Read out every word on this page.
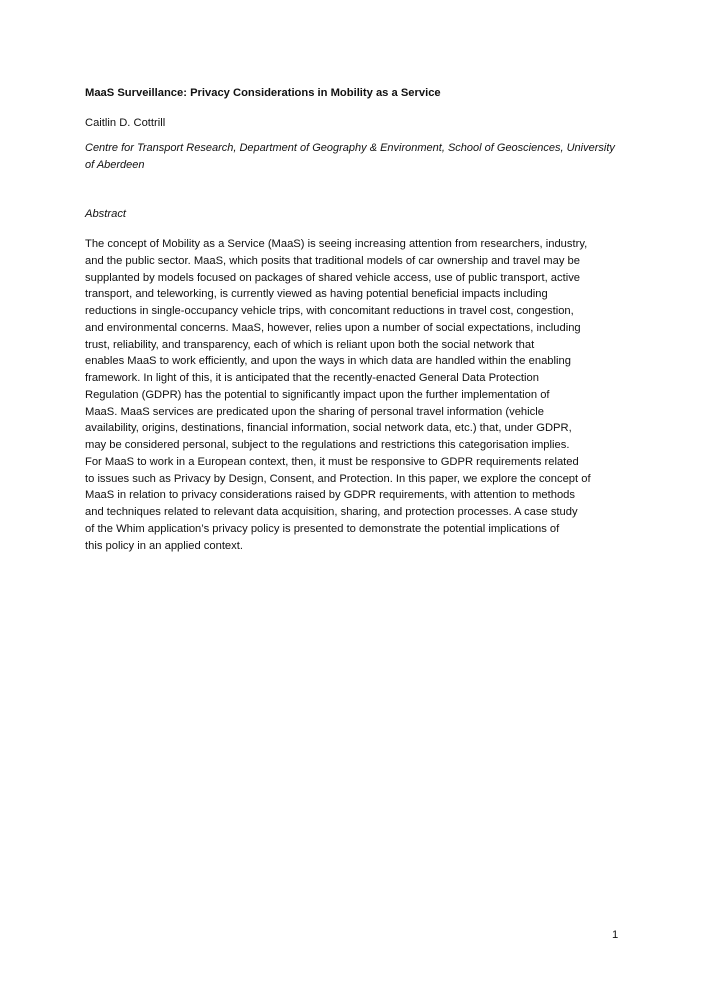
MaaS Surveillance: Privacy Considerations in Mobility as a Service

Caitlin D. Cottrill

Centre for Transport Research, Department of Geography & Environment, School of Geosciences, University of Aberdeen

Abstract

The concept of Mobility as a Service (MaaS) is seeing increasing attention from researchers, industry,
and the public sector. MaaS, which posits that traditional models of car ownership and travel may be
supplanted by models focused on packages of shared vehicle access, use of public transport, active
transport, and teleworking, is currently viewed as having potential beneficial impacts including
reductions in single-occupancy vehicle trips, with concomitant reductions in travel cost, congestion,
and environmental concerns. MaaS, however, relies upon a number of social expectations, including
trust, reliability, and transparency, each of which is reliant upon both the social network that
enables MaaS to work efficiently, and upon the ways in which data are handled within the enabling
framework. In light of this, it is anticipated that the recently-enacted General Data Protection
Regulation (GDPR) has the potential to significantly impact upon the further implementation of
MaaS. MaaS services are predicated upon the sharing of personal travel information (vehicle
availability, origins, destinations, financial information, social network data, etc.) that, under GDPR,
may be considered personal, subject to the regulations and restrictions this categorisation implies.
For MaaS to work in a European context, then, it must be responsive to GDPR requirements related
to issues such as Privacy by Design, Consent, and Protection. In this paper, we explore the concept of
MaaS in relation to privacy considerations raised by GDPR requirements, with attention to methods
and techniques related to relevant data acquisition, sharing, and protection processes. A case study
of the Whim application’s privacy policy is presented to demonstrate the potential implications of
this policy in an applied context.

1
